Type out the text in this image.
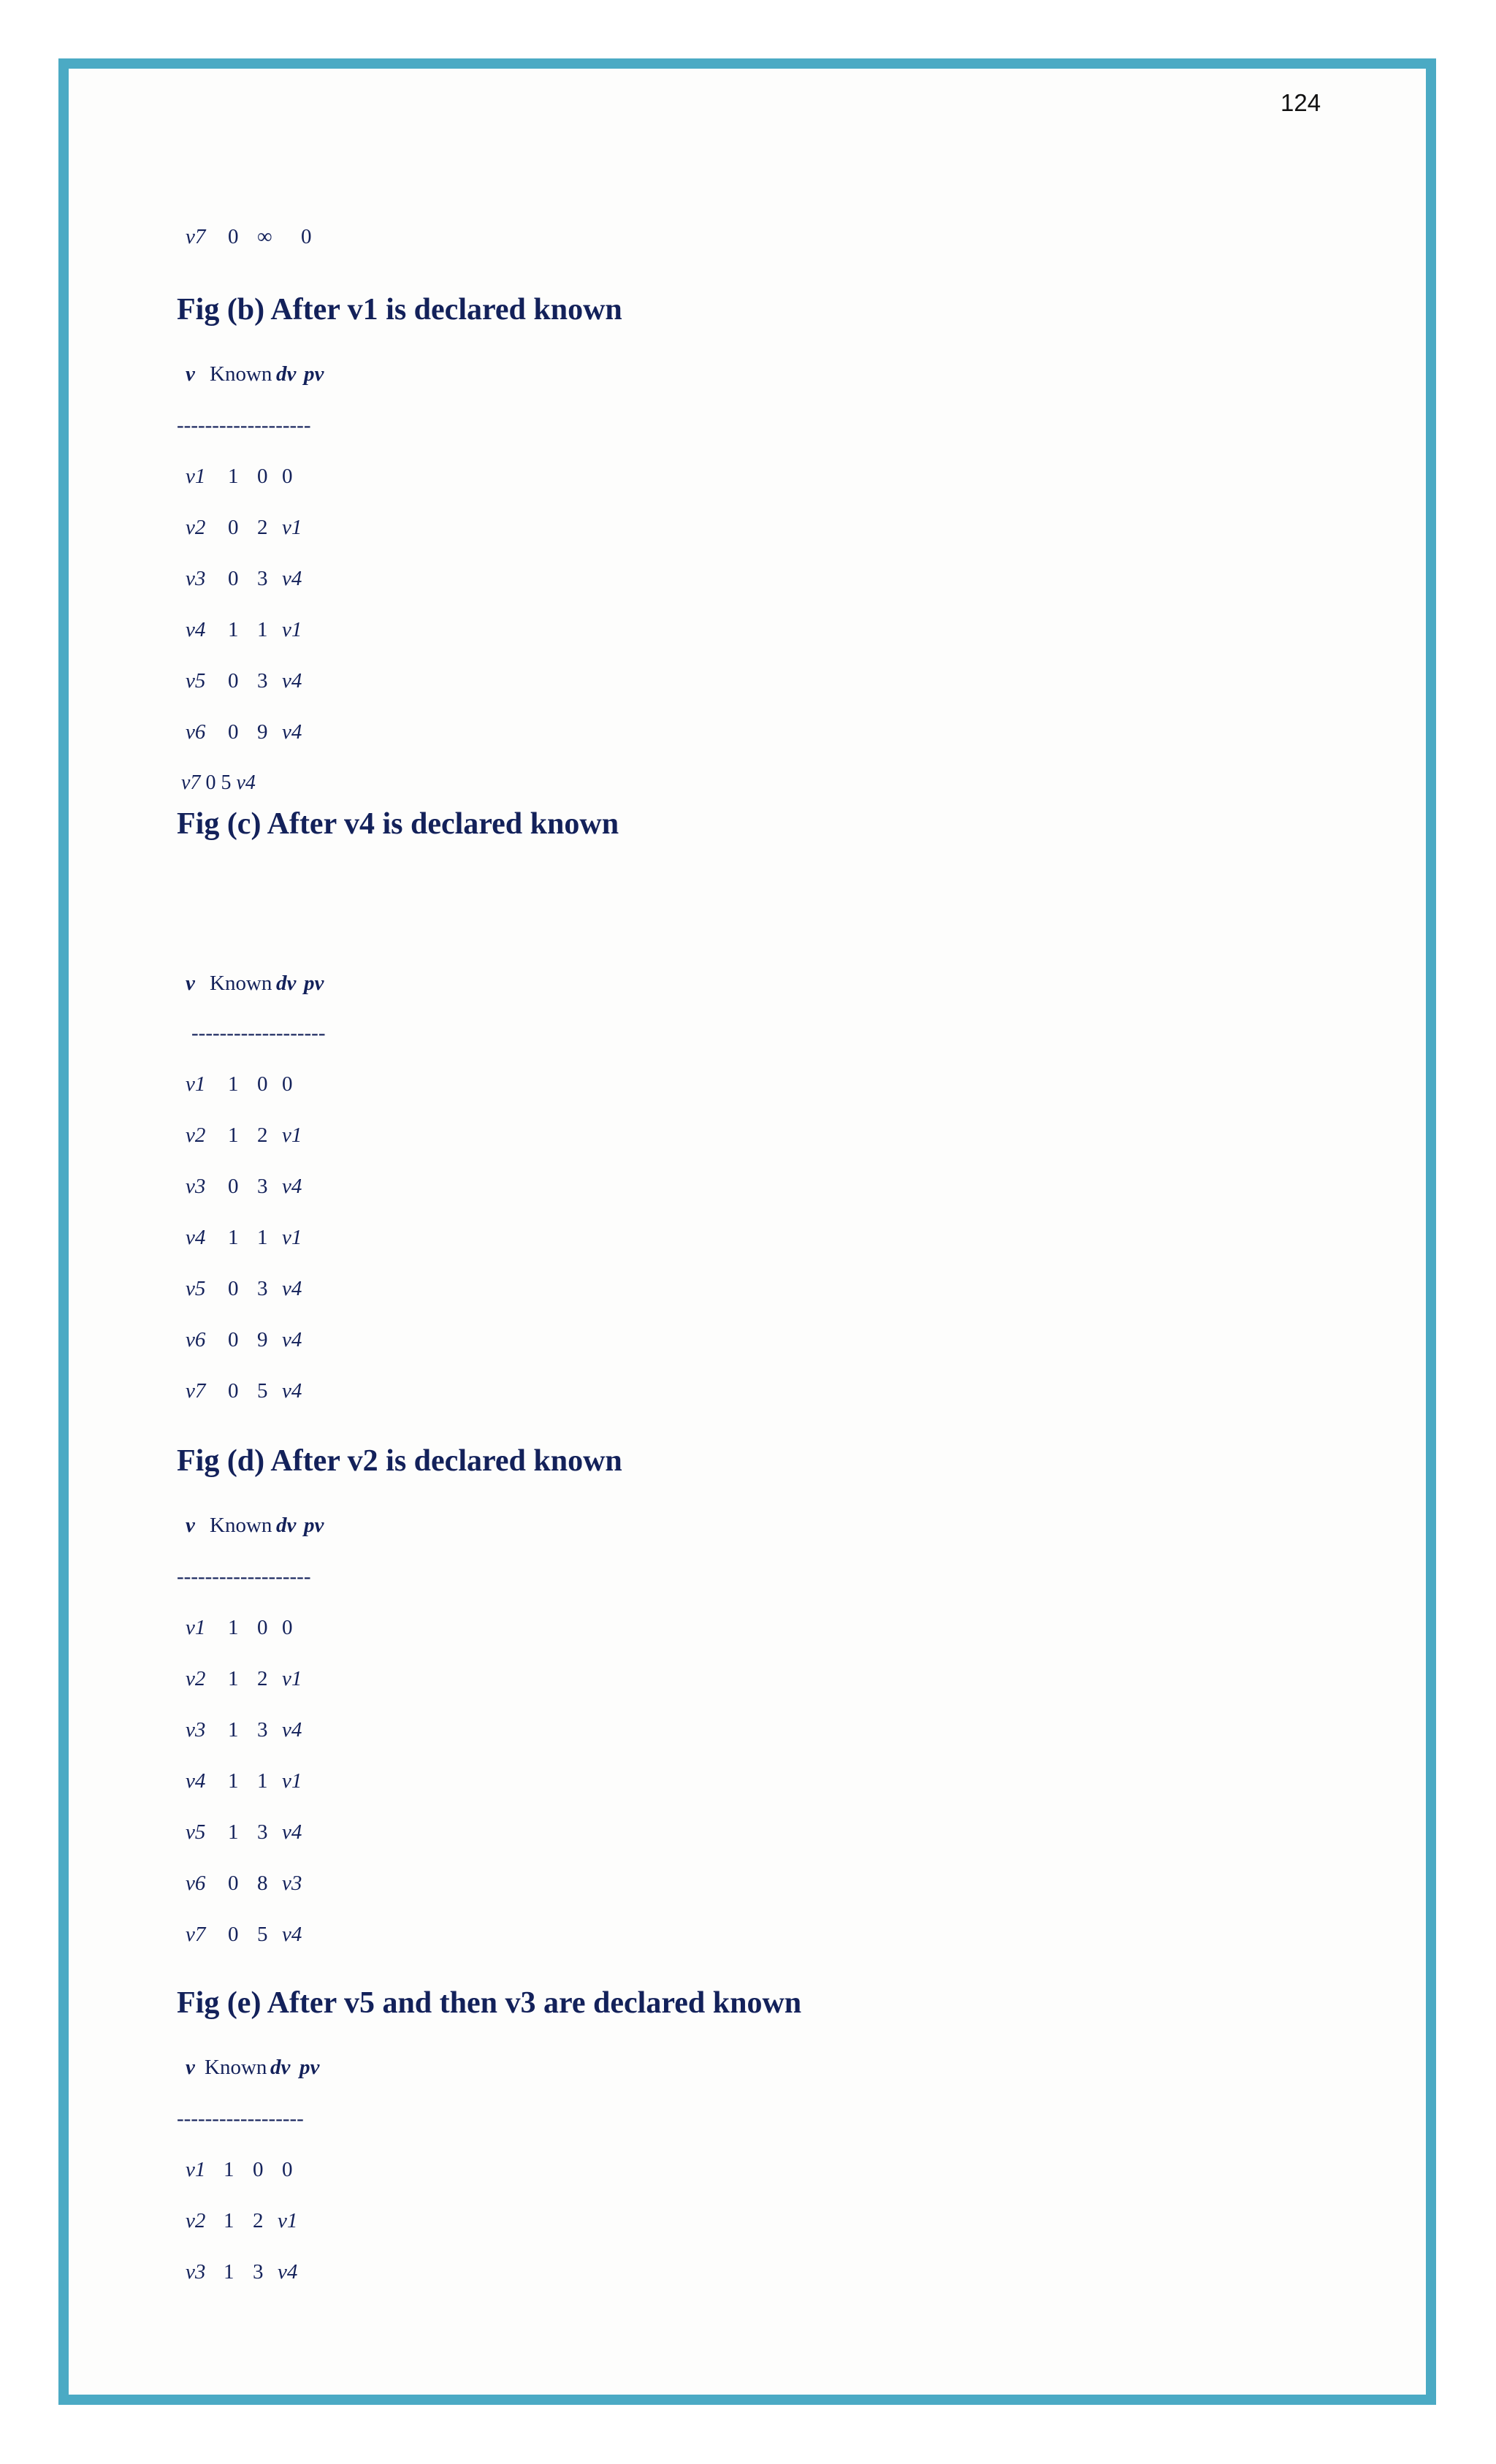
124
v7 0 ∞ 0
Fig (b) After v1 is declared known
v Known dv pv
-------------------
v1 1 0 0
v2 0 2 v1
v3 0 3 v4
v4 1 1 v1
v5 0 3 v4
v6 0 9 v4
v7 0 5 v4
Fig (c) After v4 is declared known
v Known dv pv
-------------------
v1 1 0 0
v2 1 2 v1
v3 0 3 v4
v4 1 1 v1
v5 0 3 v4
v6 0 9 v4
v7 0 5 v4
Fig (d) After v2 is declared known
v Known dv pv
-------------------
v1 1 0 0
v2 1 2 v1
v3 1 3 v4
v4 1 1 v1
v5 1 3 v4
v6 0 8 v3
v7 0 5 v4
Fig (e) After v5 and then v3 are declared known
v Known dv pv
------------------
v1 1 0 0
v2 1 2 v1
v3 1 3 v4
